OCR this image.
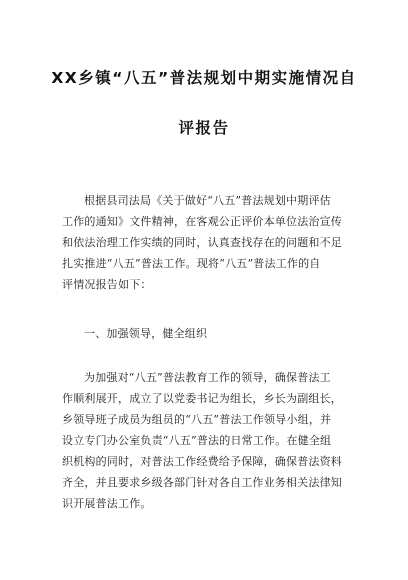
XX乡镇“八五”普法规划中期实施情况自
评报告
根据县司法局《关于做好“八五”普法规划中期评估
工作的通知》文件精神，在客观公正评价本单位法治宣传
和依法治理工作实绩的同时，认真查找存在的问题和不足
扎实推进“八五”普法工作。现将“八五”普法工作的自
评情况报告如下：
一、加强领导，健全组织
为加强对“八五”普法教育工作的领导，确保普法工
作顺利展开，成立了以党委书记为组长，乡长为副组长，
乡领导班子成员为组员的“八五”普法工作领导小组，并
设立专门办公室负责“八五”普法的日常工作。在健全组
织机构的同时，对普法工作经费给予保障，确保普法资料
齐全，并且要求乡级各部门针对各自工作业务相关法律知
识开展普法工作。
